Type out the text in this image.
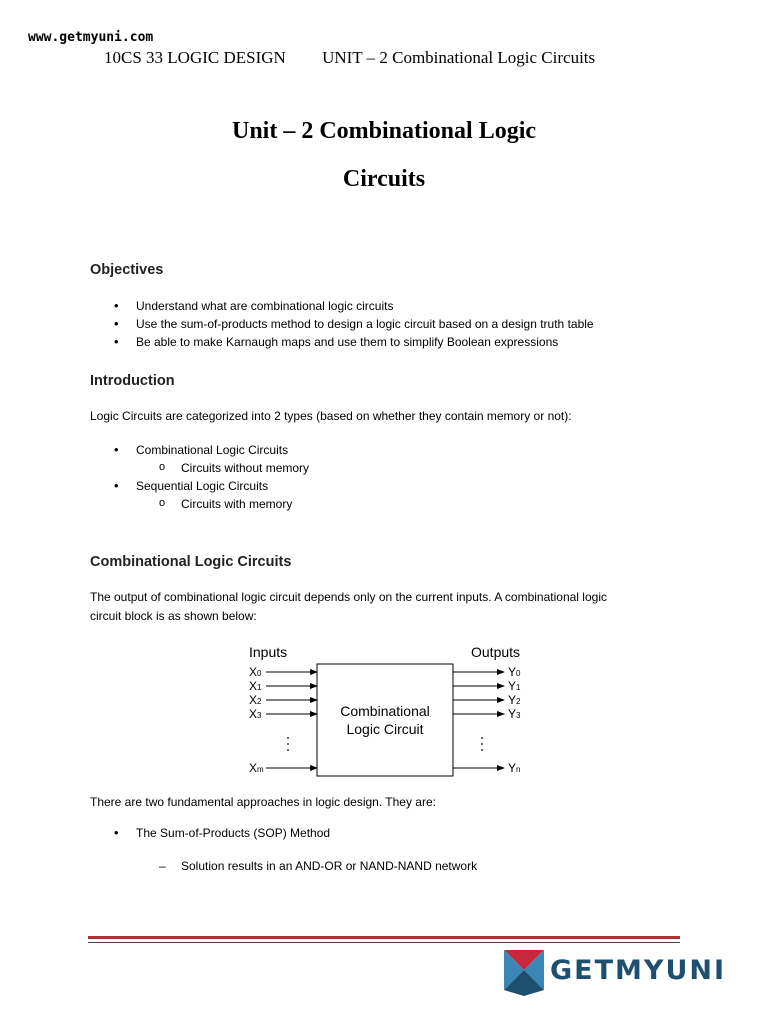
www.getmyuni.com
10CS 33 LOGIC DESIGN UNIT – 2 Combinational Logic Circuits
Unit – 2 Combinational Logic
Circuits
Objectives
• Understand what are combinational logic circuits
• Use the sum-of-products method to design a logic circuit based on a design truth table
• Be able to make Karnaugh maps and use them to simplify Boolean expressions
Introduction
Logic Circuits are categorized into 2 types (based on whether they contain memory or not):
• Combinational Logic Circuits
o Circuits without memory
• Sequential Logic Circuits
o Circuits with memory
Combinational Logic Circuits
The output of combinational logic circuit depends only on the current inputs. A combinational logic
circuit block is as shown below:
Inputs	Outputs
Combinational
Logic Circuit
X0
X1
X2
X3
Xm
Y0
Y1
Y2
Y3
Yn
There are two fundamental approaches in logic design. They are:
• The Sum-of-Products (SOP) Method
– Solution results in an AND-OR or NAND-NAND network
GETMYUNI
